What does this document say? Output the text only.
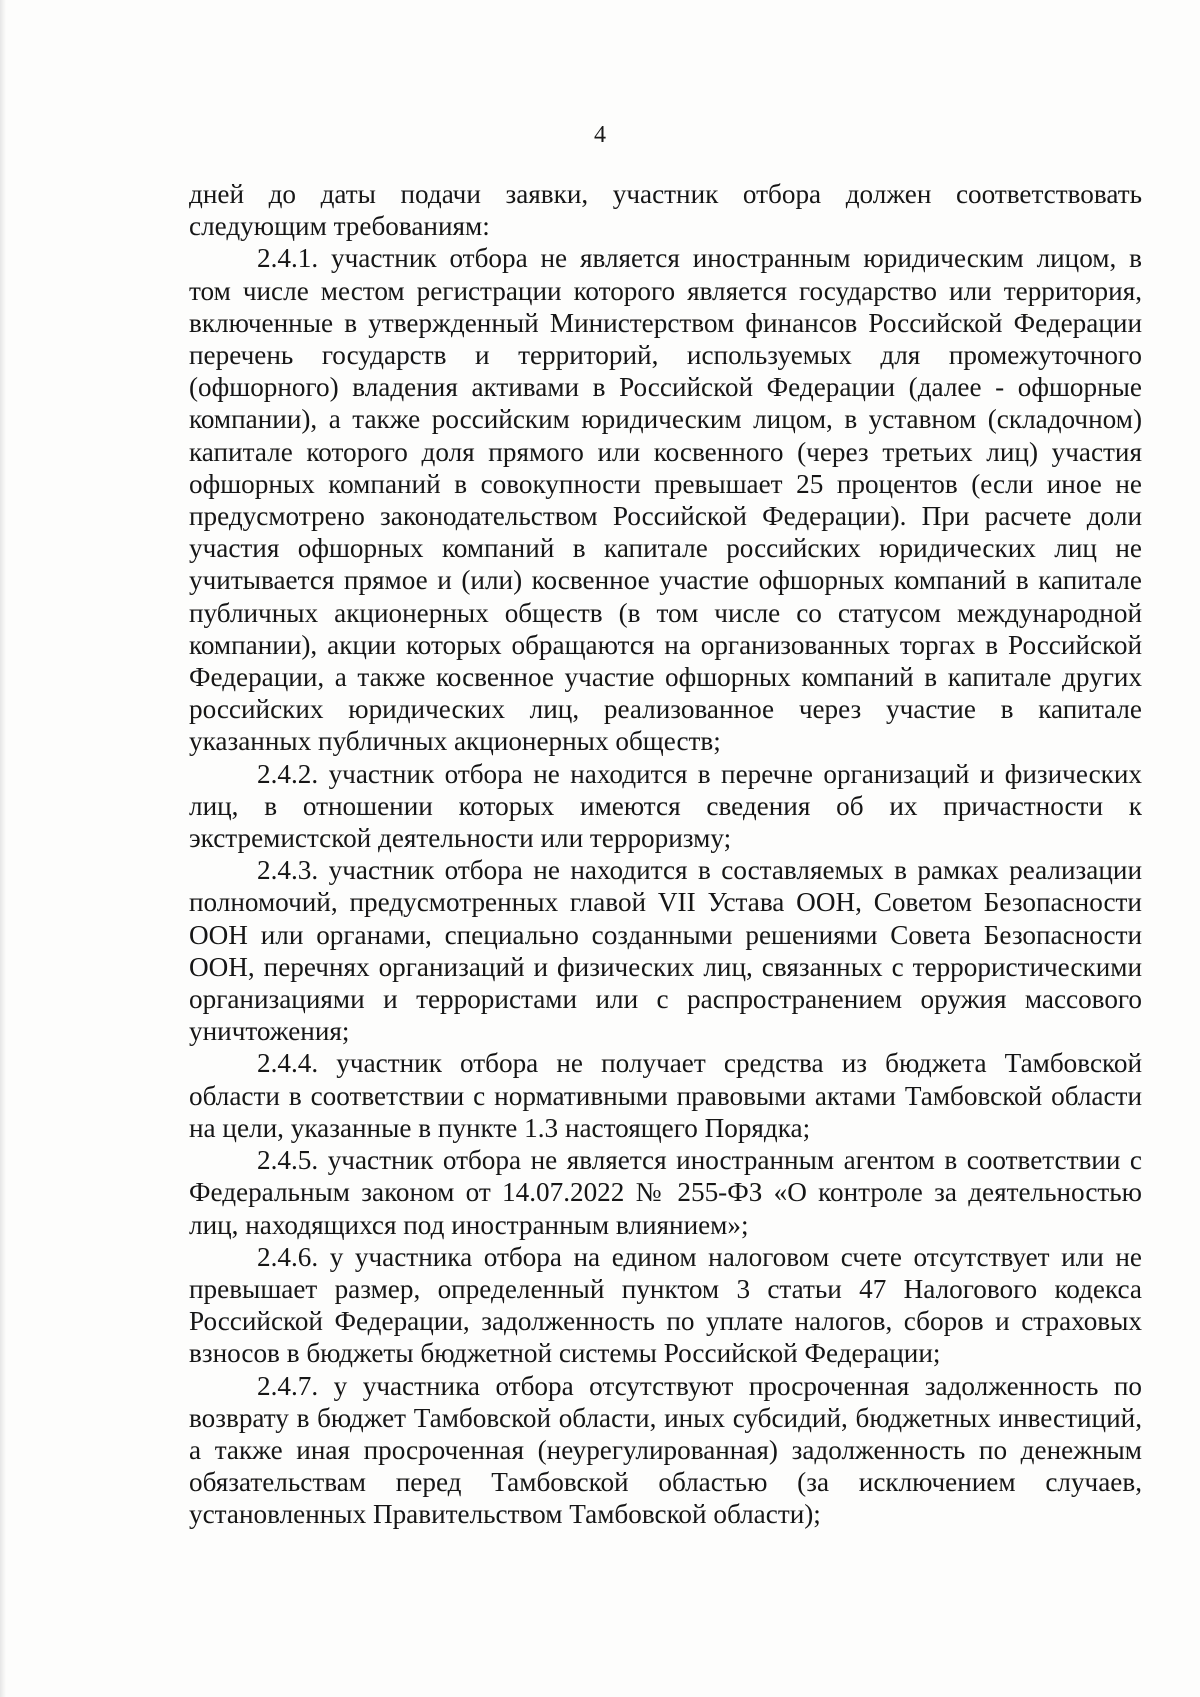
4

дней до даты подачи заявки, участник отбора должен соответствовать следующим требованиям:

2.4.1. участник отбора не является иностранным юридическим лицом, в том числе местом регистрации которого является государство или территория, включенные в утвержденный Министерством финансов Российской Федерации перечень государств и территорий, используемых для промежуточного (офшорного) владения активами в Российской Федерации (далее - офшорные компании), а также российским юридическим лицом, в уставном (складочном) капитале которого доля прямого или косвенного (через третьих лиц) участия офшорных компаний в совокупности превышает 25 процентов (если иное не предусмотрено законодательством Российской Федерации). При расчете доли участия офшорных компаний в капитале российских юридических лиц не учитывается прямое и (или) косвенное участие офшорных компаний в капитале публичных акционерных обществ (в том числе со статусом международной компании), акции которых обращаются на организованных торгах в Российской Федерации, а также косвенное участие офшорных компаний в капитале других российских юридических лиц, реализованное через участие в капитале указанных публичных акционерных обществ;

2.4.2. участник отбора не находится в перечне организаций и физических лиц, в отношении которых имеются сведения об их причастности к экстремистской деятельности или терроризму;

2.4.3. участник отбора не находится в составляемых в рамках реализации полномочий, предусмотренных главой VII Устава ООН, Советом Безопасности ООН или органами, специально созданными решениями Совета Безопасности ООН, перечнях организаций и физических лиц, связанных с террористическими организациями и террористами или с распространением оружия массового уничтожения;

2.4.4. участник отбора не получает средства из бюджета Тамбовской области в соответствии с нормативными правовыми актами Тамбовской области на цели, указанные в пункте 1.3 настоящего Порядка;

2.4.5. участник отбора не является иностранным агентом в соответствии с Федеральным законом от 14.07.2022 № 255-ФЗ «О контроле за деятельностью лиц, находящихся под иностранным влиянием»;

2.4.6. у участника отбора на едином налоговом счете отсутствует или не превышает размер, определенный пунктом 3 статьи 47 Налогового кодекса Российской Федерации, задолженность по уплате налогов, сборов и страховых взносов в бюджеты бюджетной системы Российской Федерации;

2.4.7. у участника отбора отсутствуют просроченная задолженность по возврату в бюджет Тамбовской области, иных субсидий, бюджетных инвестиций, а также иная просроченная (неурегулированная) задолженность по денежным обязательствам перед Тамбовской областью (за исключением случаев, установленных Правительством Тамбовской области);
